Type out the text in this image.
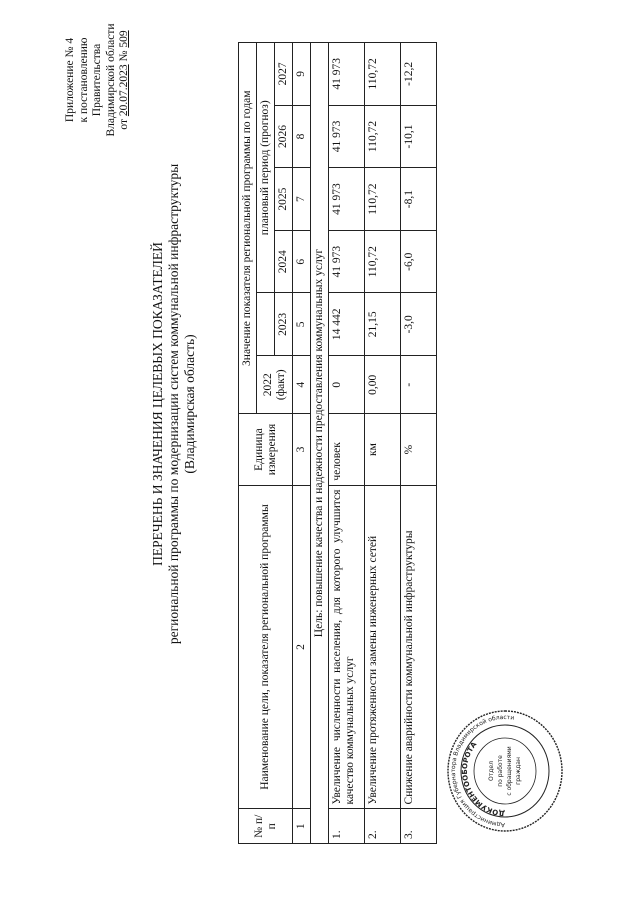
Приложение № 4 к постановлению Правительства Владимирской области от 20.07.2023 № 509
ПЕРЕЧЕНЬ И ЗНАЧЕНИЯ ЦЕЛЕВЫХ ПОКАЗАТЕЛЕЙ региональной программы по модернизации систем коммунальной инфраструктуры (Владимирская область)
№ п/п	Наименование цели, показателя региональной программы	Единица измерения	Значение показателя региональной программы по годам					
			2022 (факт)		плановый период (прогноз)			
				2023	2024	2025	2026	2027
1	2	3	4	5	6	7	8	9
Цель: повышение качества и надежности предоставления коммунальных услуг								
1.	Увеличение численности населения, для которого улучшится качество коммунальных услуг	человек	0	14 442	41 973	41 973	41 973	41 973
2.	Увеличение протяженности замены инженерных сетей	км	0,00	21,15	110,72	110,72	110,72	110,72
3.	Снижение аварийности коммунальной инфраструктуры	%	-	-3,0	-6,0	-8,1	-10,1	-12,2
Администрация Губернатора Владимирской области
ДОКУМЕНТООБОРОТА
Отдел по работе с обращениями граждан
